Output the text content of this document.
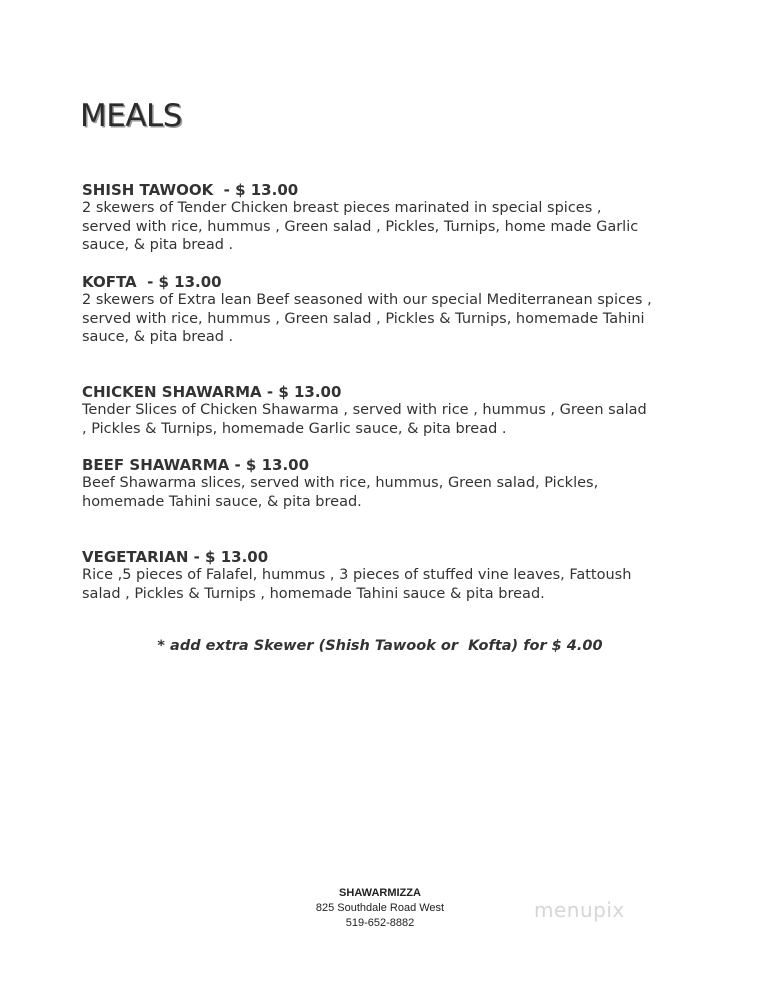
MEALS
SHISH TAWOOK  - $ 13.00
2 skewers of Tender Chicken breast pieces marinated in special spices ,
served with rice, hummus , Green salad , Pickles, Turnips, home made Garlic
sauce, & pita bread .
KOFTA  - $ 13.00
2 skewers of Extra lean Beef seasoned with our special Mediterranean spices ,
served with rice, hummus , Green salad , Pickles & Turnips, homemade Tahini
sauce, & pita bread .
CHICKEN SHAWARMA - $ 13.00
Tender Slices of Chicken Shawarma , served with rice , hummus , Green salad
, Pickles & Turnips, homemade Garlic sauce, & pita bread .
BEEF SHAWARMA - $ 13.00
Beef Shawarma slices, served with rice, hummus, Green salad, Pickles,
homemade Tahini sauce, & pita bread.
VEGETARIAN - $ 13.00
Rice ,5 pieces of Falafel, hummus , 3 pieces of stuffed vine leaves, Fattoush
salad , Pickles & Turnips , homemade Tahini sauce & pita bread.
* add extra Skewer (Shish Tawook or  Kofta) for $ 4.00
SHAWARMIZZA
825 Southdale Road West
519-652-8882
menupix
